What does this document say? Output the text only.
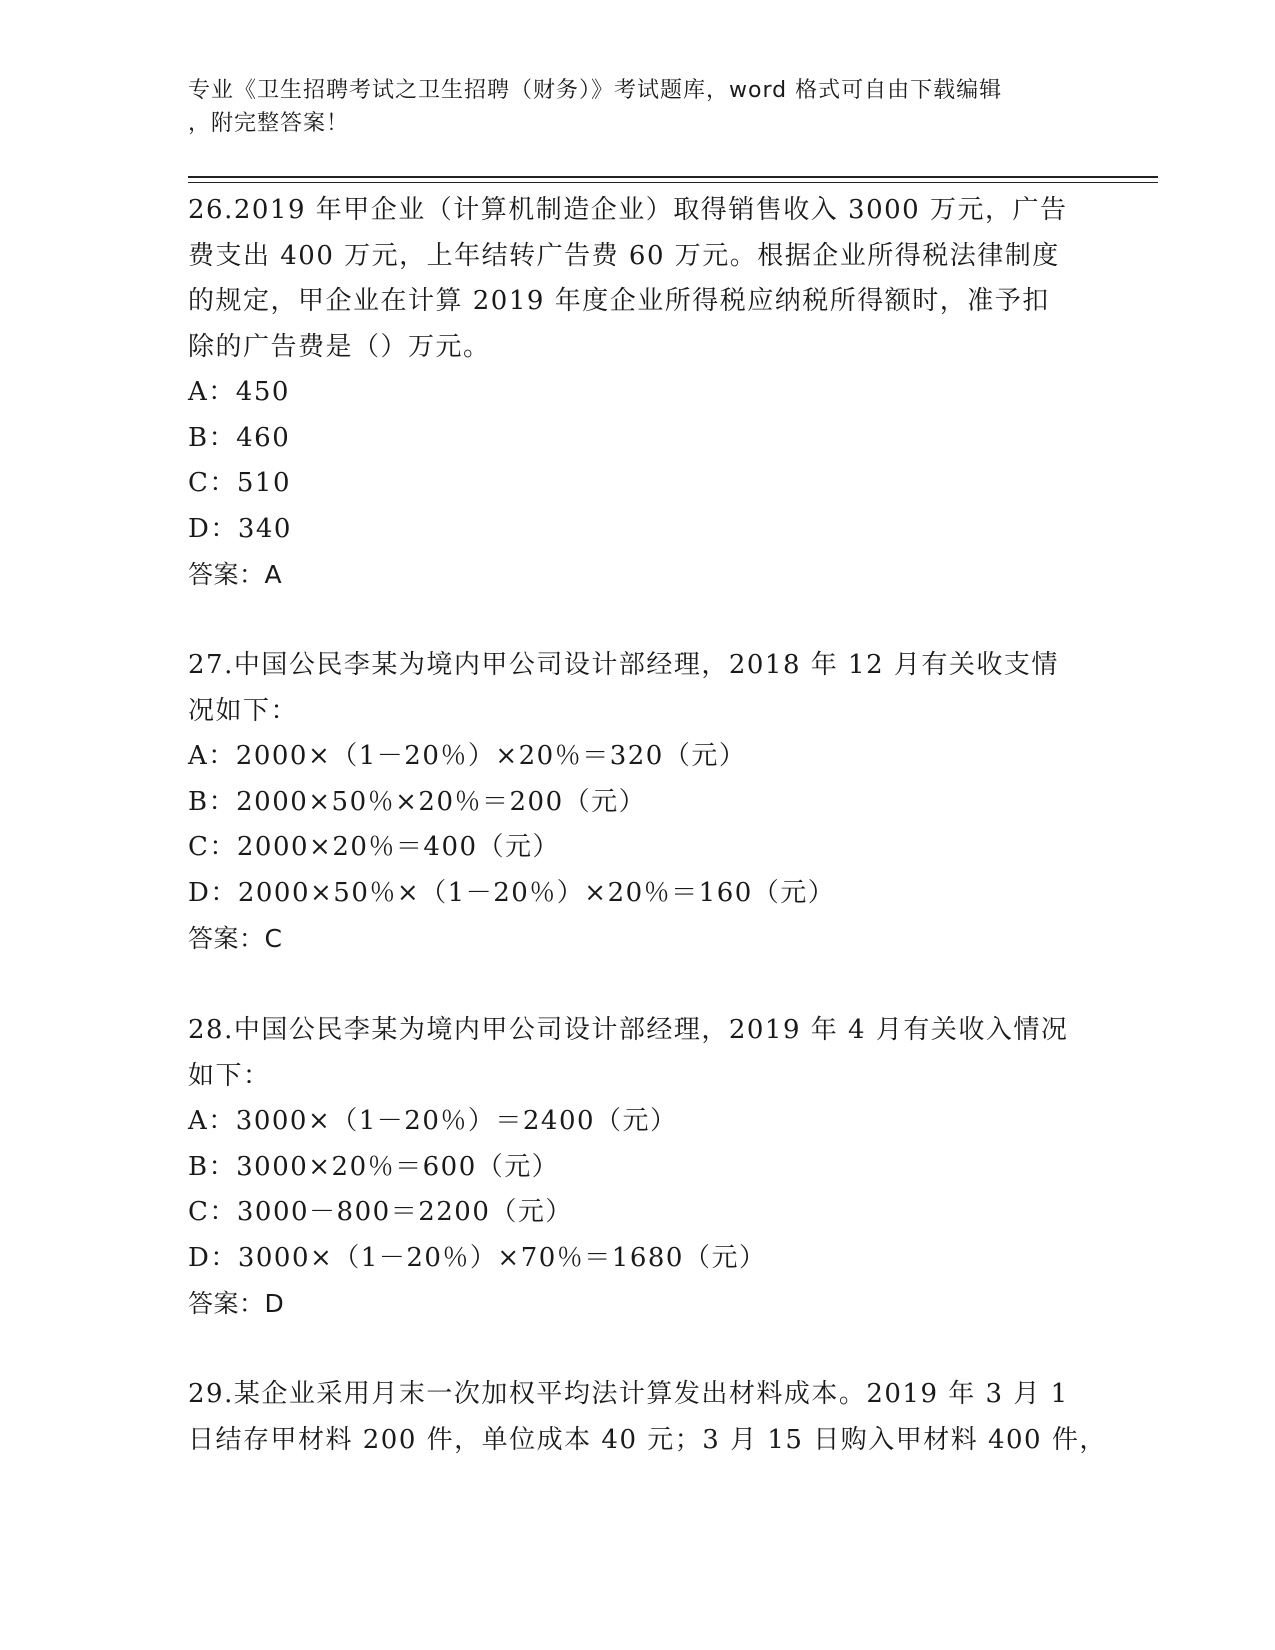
专业《卫生招聘考试之卫生招聘（财务）》考试题库，word 格式可自由下载编辑
，附完整答案！
26.2019 年甲企业（计算机制造企业）取得销售收入 3000 万元，广告
费支出 400 万元，上年结转广告费 60 万元。根据企业所得税法律制度
的规定，甲企业在计算 2019 年度企业所得税应纳税所得额时，准予扣
除的广告费是（）万元。
A：450
B：460
C：510
D：340
答案：A
27.中国公民李某为境内甲公司设计部经理，2018 年 12 月有关收支情
况如下：
A：2000×（1－20％）×20％＝320（元）
B：2000×50％×20％＝200（元）
C：2000×20％＝400（元）
D：2000×50％×（1－20％）×20％＝160（元）
答案：C
28.中国公民李某为境内甲公司设计部经理，2019 年 4 月有关收入情况
如下：
A：3000×（1－20％）＝2400（元）
B：3000×20％＝600（元）
C：3000－800＝2200（元）
D：3000×（1－20％）×70％＝1680（元）
答案：D
29.某企业采用月末一次加权平均法计算发出材料成本。2019 年 3 月 1
日结存甲材料 200 件，单位成本 40 元；3 月 15 日购入甲材料 400 件，
